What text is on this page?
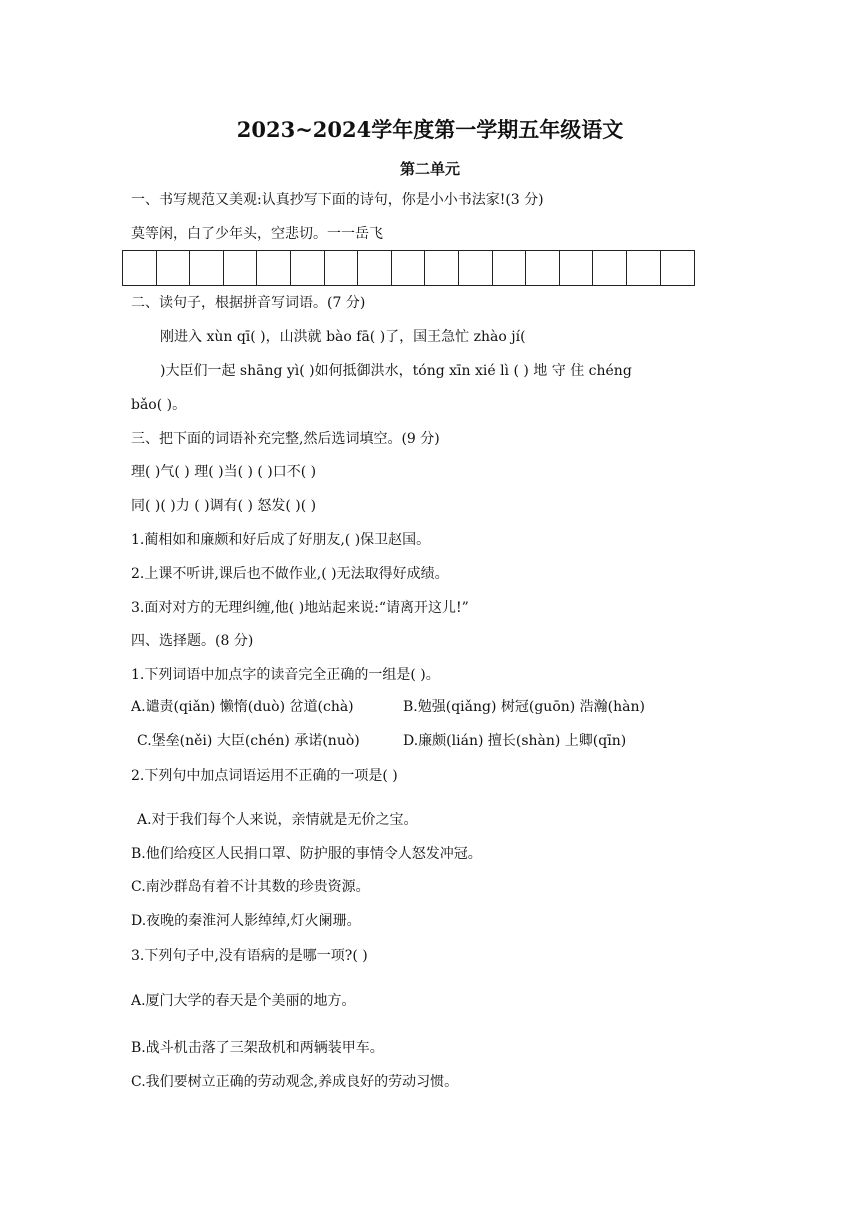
2023~2024学年度第一学期五年级语文
第二单元
一、书写规范又美观:认真抄写下面的诗句，你是小小书法家!(3 分)
莫等闲，白了少年头，空悲切。一一岳飞
二、读句子，根据拼音写词语。(7 分)
刚进入 xùn qī( )，山洪就 bào fā( )了，国王急忙 zhào jí(
)大臣们一起 shāng yì( )如何抵御洪水，tóng xīn xié lì ( ) 地 守 住 chéng
bǎo( )。
三、把下面的词语补充完整,然后选词填空。(9 分)
理( )气( ) 理( )当( ) ( )口不( )
同( )( )力 ( )调有( ) 怒发( )( )
1.蔺相如和廉颇和好后成了好朋友,( )保卫赵国。
2.上课不听讲,课后也不做作业,( )无法取得好成绩。
3.面对对方的无理纠缠,他( )地站起来说:“请离开这儿!”
四、选择题。(8 分)
1.下列词语中加点字的读音完全正确的一组是( )。
A.谴责(qiǎn) 懒惰(duò) 岔道(chà)	B.勉强(qiǎng) 树冠(guōn) 浩瀚(hàn)
C.堡垒(něi) 大臣(chén) 承诺(nuò)	D.廉颇(lián) 擅长(shàn) 上卿(qīn)
2.下列句中加点词语运用不正确的一项是( )
A.对于我们每个人来说，亲情就是无价之宝。
B.他们给疫区人民捐口罩、防护服的事情令人怒发冲冠。
C.南沙群岛有着不计其数的珍贵资源。
D.夜晚的秦淮河人影绰绰,灯火阑珊。
3.下列句子中,没有语病的是哪一项?( )
A.厦门大学的春天是个美丽的地方。
B.战斗机击落了三架敌机和两辆装甲车。
C.我们要树立正确的劳动观念,养成良好的劳动习惯。
